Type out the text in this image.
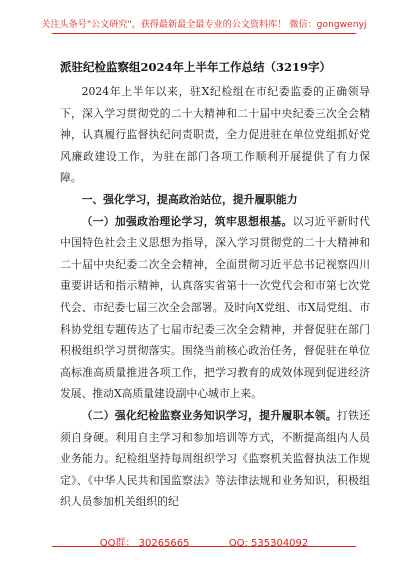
关注头条号"公文研究"，获得最新最全最专业的公文资料库！ 微信：gongwenyj
派驻纪检监察组2024年上半年工作总结（3219字）

2024年上半年以来，驻X纪检组在市纪委监委的正确领导下，深入学习贯彻党的二十大精神和二十届中央纪委三次全会精神，认真履行监督执纪问责职责，全力促进驻在单位党组抓好党风廉政建设工作，为驻在部门各项工作顺利开展提供了有力保障。

一、强化学习，提高政治站位，提升履职能力

（一）加强政治理论学习，筑牢思想根基。以习近平新时代中国特色社会主义思想为指导，深入学习贯彻党的二十大精神和二十届中央纪委二次全会精神，全面贯彻习近平总书记视察四川重要讲话和指示精神，认真落实省第十一次党代会和市第七次党代会、市纪委七届三次全会部署。及时向X党组、市X局党组、市科协党组专题传达了七届市纪委三次全会精神，并督促驻在部门积极组织学习贯彻落实。围绕当前核心政治任务，督促驻在单位高标准高质量推进各项工作，把学习教育的成效体现到促进经济发展、推动X高质量建设副中心城市上来。

（二）强化纪检监察业务知识学习，提升履职本领。打铁还须自身硬。利用自主学习和参加培训等方式，不断提高组内人员业务能力。纪检组坚持每周组织学习《监察机关监督执法工作规定》、《中华人民共和国监察法》等法律法规和业务知识，积极组织人员参加机关组织的纪

QQ群： 30265665	QQ: 535304092
